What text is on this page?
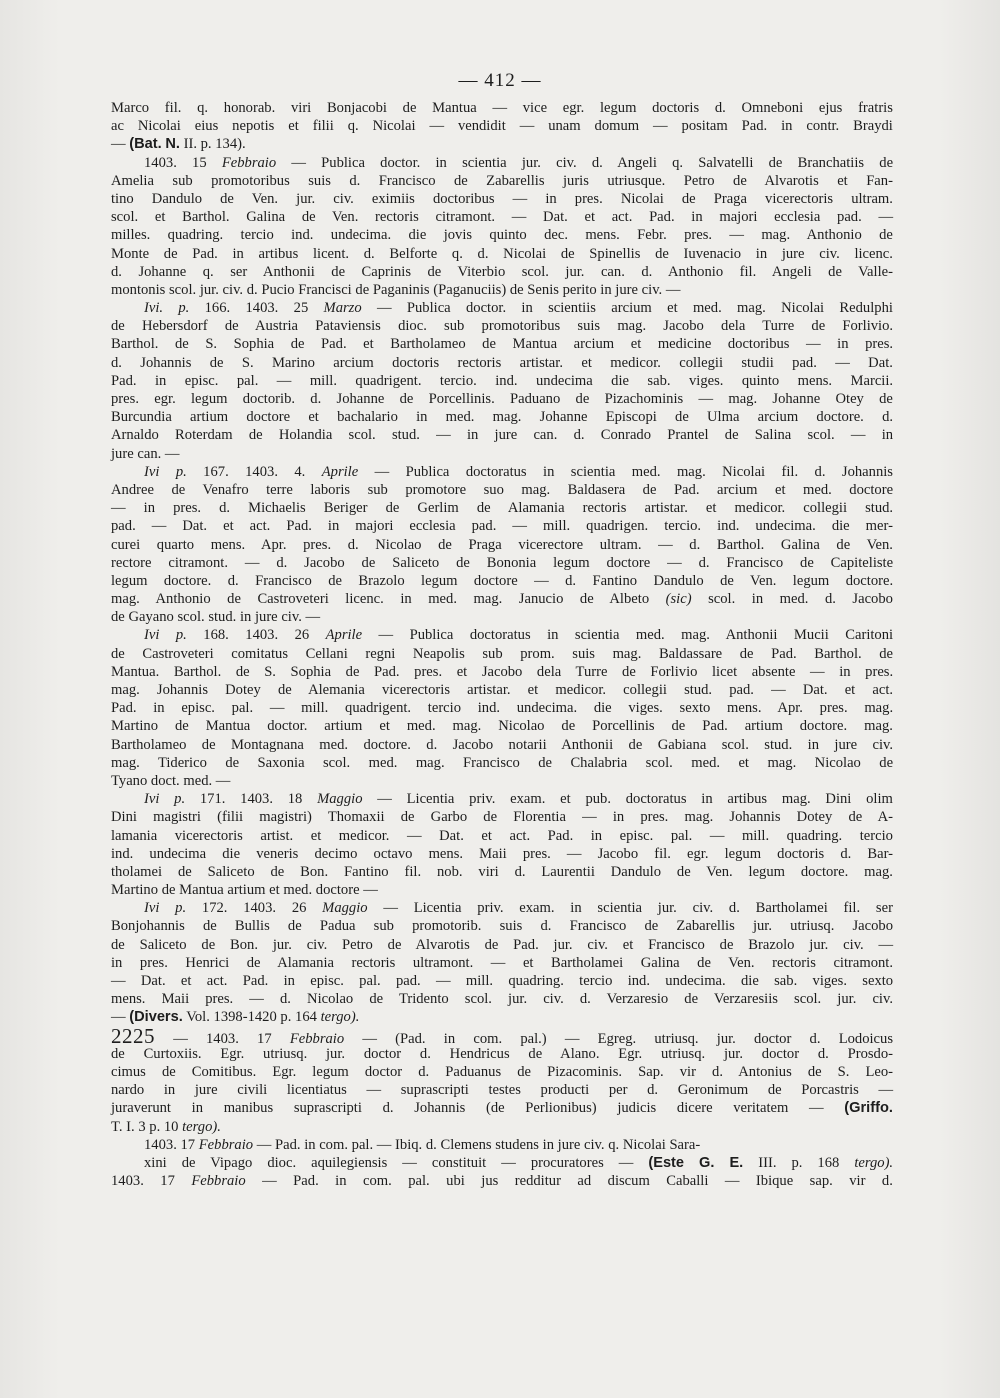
— 412 —
Marco fil. q. honorab. viri Bonjacobi de Mantua — vice egr. legum doctoris d. Omneboni ejus fratris
ac Nicolai eius nepotis et filii q. Nicolai — vendidit — unam domum — positam Pad. in contr. Braydi
— (Bat. N. II. p. 134).
1403. 15 Febbraio — Publica doctor. in scientia jur. civ. d. Angeli q. Salvatelli de Branchatiis de
Amelia sub promotoribus suis d. Francisco de Zabarellis juris utriusque. Petro de Alvarotis et Fan-
tino Dandulo de Ven. jur. civ. eximiis doctoribus — in pres. Nicolai de Praga vicerectoris ultram.
scol. et Barthol. Galina de Ven. rectoris citramont. — Dat. et act. Pad. in majori ecclesia pad. —
milles. quadring. tercio ind. undecima. die jovis quinto dec. mens. Febr. pres. — mag. Anthonio de
Monte de Pad. in artibus licent. d. Belforte q. d. Nicolai de Spinellis de Iuvenacio in jure civ. licenc.
d. Johanne q. ser Anthonii de Caprinis de Viterbio scol. jur. can. d. Anthonio fil. Angeli de Valle-
montonis scol. jur. civ. d. Pucio Francisci de Paganinis (Paganuciis) de Senis perito in jure civ. —
Ivi. p. 166. 1403. 25 Marzo — Publica doctor. in scientiis arcium et med. mag. Nicolai Redulphi
de Hebersdorf de Austria Pataviensis dioc. sub promotoribus suis mag. Jacobo dela Turre de Forlivio.
Barthol. de S. Sophia de Pad. et Bartholameo de Mantua arcium et medicine doctoribus — in pres.
d. Johannis de S. Marino arcium doctoris rectoris artistar. et medicor. collegii studii pad. — Dat.
Pad. in episc. pal. — mill. quadrigent. tercio. ind. undecima die sab. viges. quinto mens. Marcii.
pres. egr. legum doctorib. d. Johanne de Porcellinis. Paduano de Pizachominis — mag. Johanne Otey de
Burcundia artium doctore et bachalario in med. mag. Johanne Episcopi de Ulma arcium doctore. d.
Arnaldo Roterdam de Holandia scol. stud. — in jure can. d. Conrado Prantel de Salina scol. — in
jure can. —
Ivi p. 167. 1403. 4. Aprile — Publica doctoratus in scientia med. mag. Nicolai fil. d. Johannis
Andree de Venafro terre laboris sub promotore suo mag. Baldasera de Pad. arcium et med. doctore
— in pres. d. Michaelis Beriger de Gerlim de Alamania rectoris artistar. et medicor. collegii stud.
pad. — Dat. et act. Pad. in majori ecclesia pad. — mill. quadrigen. tercio. ind. undecima. die mer-
curei quarto mens. Apr. pres. d. Nicolao de Praga vicerectore ultram. — d. Barthol. Galina de Ven.
rectore citramont. — d. Jacobo de Saliceto de Bononia legum doctore — d. Francisco de Capiteliste
legum doctore. d. Francisco de Brazolo legum doctore — d. Fantino Dandulo de Ven. legum doctore.
mag. Anthonio de Castroveteri licenc. in med. mag. Janucio de Albeto (sic) scol. in med. d. Jacobo
de Gayano scol. stud. in jure civ. —
Ivi p. 168. 1403. 26 Aprile — Publica doctoratus in scientia med. mag. Anthonii Mucii Caritoni
de Castroveteri comitatus Cellani regni Neapolis sub prom. suis mag. Baldassare de Pad. Barthol. de
Mantua. Barthol. de S. Sophia de Pad. pres. et Jacobo dela Turre de Forlivio licet absente — in pres.
mag. Johannis Dotey de Alemania vicerectoris artistar. et medicor. collegii stud. pad. — Dat. et act.
Pad. in episc. pal. — mill. quadrigent. tercio ind. undecima. die viges. sexto mens. Apr. pres. mag.
Martino de Mantua doctor. artium et med. mag. Nicolao de Porcellinis de Pad. artium doctore. mag.
Bartholameo de Montagnana med. doctore. d. Jacobo notarii Anthonii de Gabiana scol. stud. in jure civ.
mag. Tiderico de Saxonia scol. med. mag. Francisco de Chalabria scol. med. et mag. Nicolao de
Tyano doct. med. —
Ivi p. 171. 1403. 18 Maggio — Licentia priv. exam. et pub. doctoratus in artibus mag. Dini olim
Dini magistri (filii magistri) Thomaxii de Garbo de Florentia — in pres. mag. Johannis Dotey de A-
lamania vicerectoris artist. et medicor. — Dat. et act. Pad. in episc. pal. — mill. quadring. tercio
ind. undecima die veneris decimo octavo mens. Maii pres. — Jacobo fil. egr. legum doctoris d. Bar-
tholamei de Saliceto de Bon. Fantino fil. nob. viri d. Laurentii Dandulo de Ven. legum doctore. mag.
Martino de Mantua artium et med. doctore —
Ivi p. 172. 1403. 26 Maggio — Licentia priv. exam. in scientia jur. civ. d. Bartholamei fil. ser
Bonjohannis de Bullis de Padua sub promotorib. suis d. Francisco de Zabarellis jur. utriusq. Jacobo
de Saliceto de Bon. jur. civ. Petro de Alvarotis de Pad. jur. civ. et Francisco de Brazolo jur. civ. —
in pres. Henrici de Alamania rectoris ultramont. — et Bartholamei Galina de Ven. rectoris citramont.
— Dat. et act. Pad. in episc. pal. pad. — mill. quadring. tercio ind. undecima. die sab. viges. sexto
mens. Maii pres. — d. Nicolao de Tridento scol. jur. civ. d. Verzaresio de Verzaresiis scol. jur. civ.
— (Divers. Vol. 1398-1420 p. 164 tergo).
2225 — 1403. 17 Febbraio — (Pad. in com. pal.) — Egreg. utriusq. jur. doctor d. Lodoicus
de Curtoxiis. Egr. utriusq. jur. doctor d. Hendricus de Alano. Egr. utriusq. jur. doctor d. Prosdo-
cimus de Comitibus. Egr. legum doctor d. Paduanus de Pizacominis. Sap. vir d. Antonius de S. Leo-
nardo in jure civili licentiatus — suprascripti testes producti per d. Geronimum de Porcastris —
juraverunt in manibus suprascripti d. Johannis (de Perlionibus) judicis dicere veritatem — (Griffo.
T. I. 3 p. 10 tergo).
1403. 17 Febbraio — Pad. in com. pal. — Ibiq. d. Clemens studens in jure civ. q. Nicolai Sara-
xini de Vipago dioc. aquilegiensis — constituit — procuratores — (Este G. E. III. p. 168 tergo).
1403. 17 Febbraio — Pad. in com. pal. ubi jus redditur ad discum Caballi — Ibique sap. vir d.
